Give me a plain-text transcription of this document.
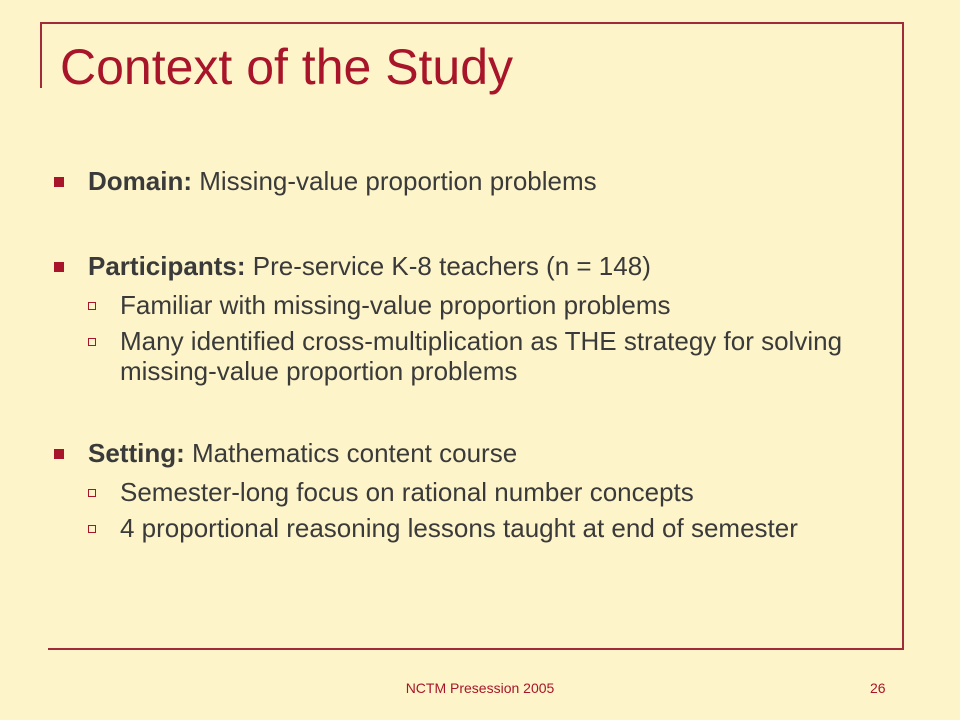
Context of the Study

Domain: Missing-value proportion problems

Participants: Pre-service K-8 teachers (n = 148)

Familiar with missing-value proportion problems

Many identified cross-multiplication as THE strategy for solving missing-value proportion problems

Setting: Mathematics content course

Semester-long focus on rational number concepts

4 proportional reasoning lessons taught at end of semester

NCTM Presession 2005	26
